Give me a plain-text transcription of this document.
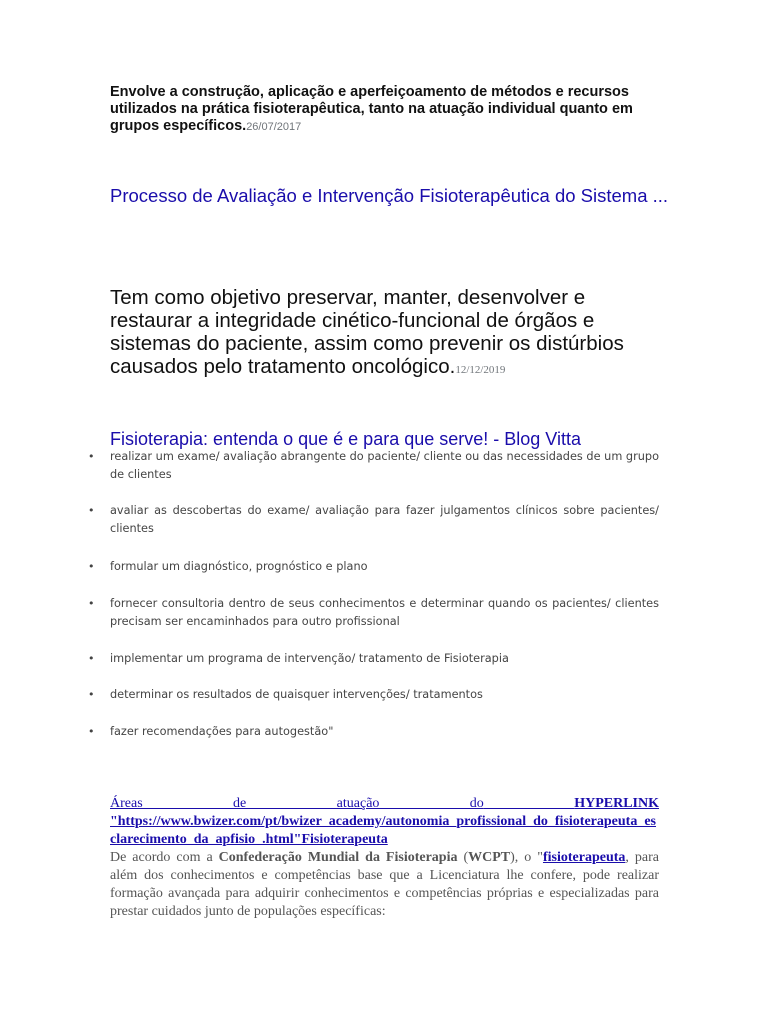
Envolve a construção, aplicação e aperfeiçoamento de métodos e recursos utilizados na prática fisioterapêutica, tanto na atuação individual quanto em grupos específicos.26/07/2017

Processo de Avaliação e Intervenção Fisioterapêutica do Sistema ...

Tem como objetivo preservar, manter, desenvolver e restaurar a integridade cinético-funcional de órgãos e sistemas do paciente, assim como prevenir os distúrbios causados pelo tratamento oncológico.12/12/2019

Fisioterapia: entenda o que é e para que serve! - Blog Vitta

• realizar um exame/ avaliação abrangente do paciente/ cliente ou das necessidades de um grupo de clientes
• avaliar as descobertas do exame/ avaliação para fazer julgamentos clínicos sobre pacientes/ clientes
• formular um diagnóstico, prognóstico e plano
• fornecer consultoria dentro de seus conhecimentos e determinar quando os pacientes/ clientes precisam ser encaminhados para outro profissional
• implementar um programa de intervenção/ tratamento de Fisioterapia
• determinar os resultados de quaisquer intervenções/ tratamentos
• fazer recomendações para autogestão"
Áreas de atuação do	HYPERLINK
"https://www.bwizer.com/pt/bwizer_academy/autonomia_profissional_do_fisioterapeuta_esclarecimento_da_apfisio_.html"Fisioterapeuta
De acordo com a Confederação Mundial da Fisioterapia (WCPT), o "fisioterapeuta, para além dos conhecimentos e competências base que a Licenciatura lhe confere, pode realizar formação avançada para adquirir conhecimentos e competências próprias e especializadas para prestar cuidados junto de populações específicas:
